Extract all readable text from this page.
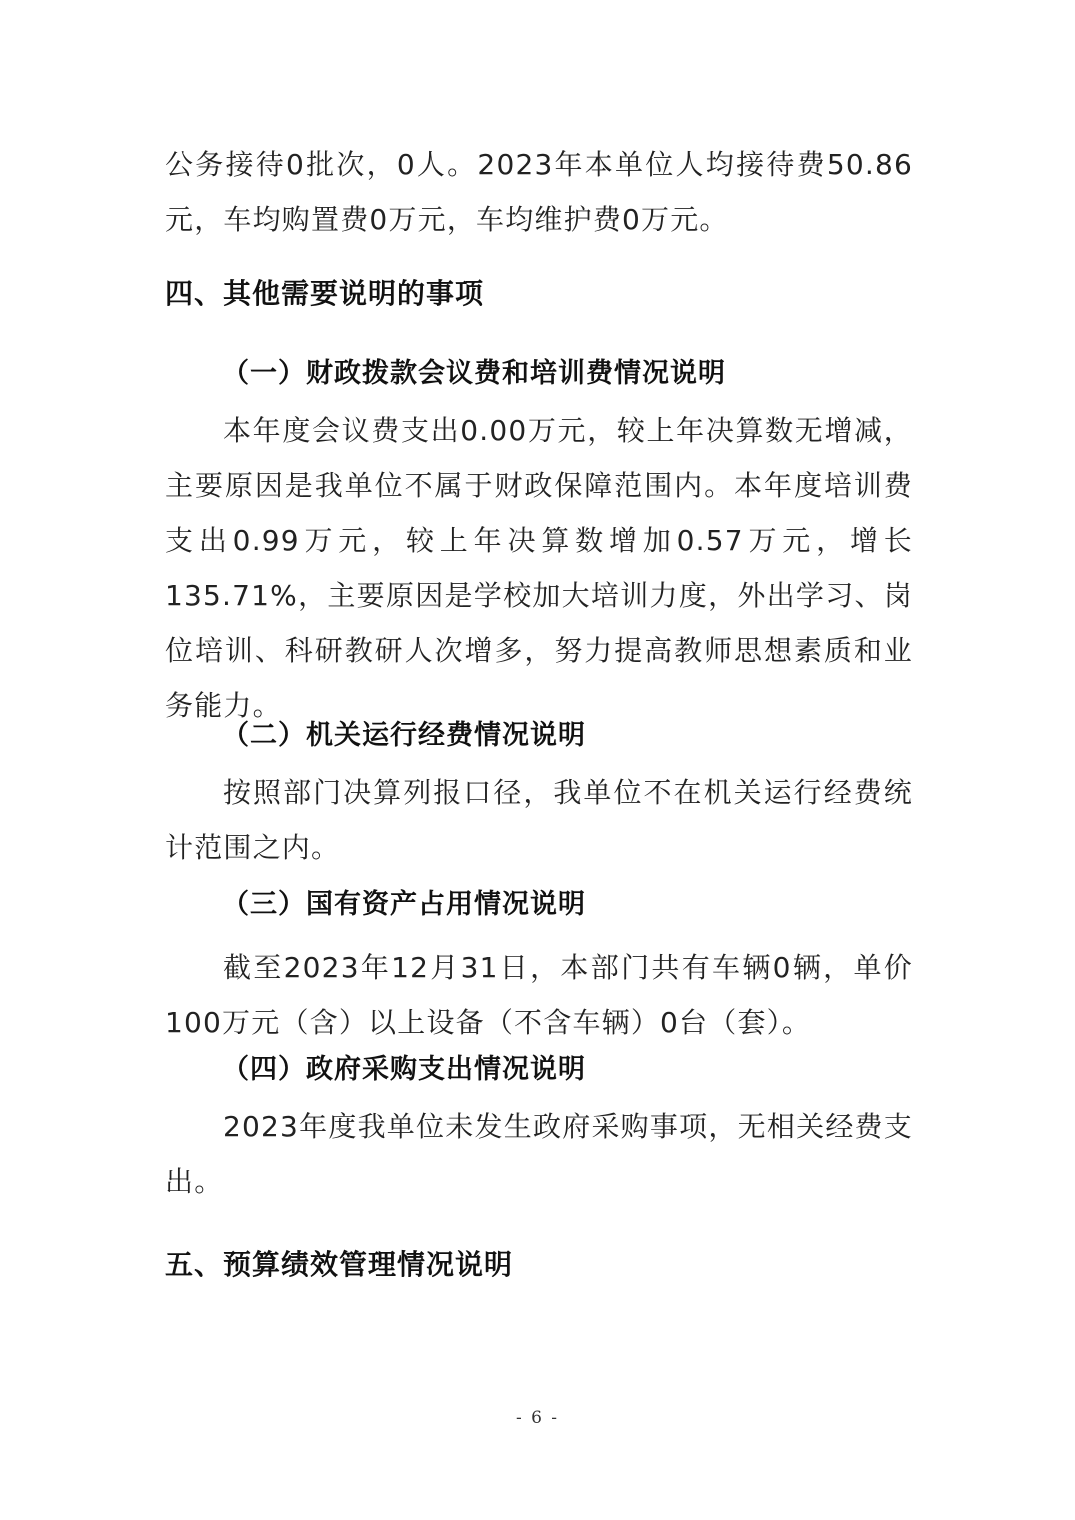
公务接待0批次，0人。2023年本单位人均接待费50.86元，车均购置费0万元，车均维护费0万元。
四、其他需要说明的事项
（一）财政拨款会议费和培训费情况说明
本年度会议费支出0.00万元，较上年决算数无增减，主要原因是我单位不属于财政保障范围内。本年度培训费支出0.99万元，较上年决算数增加0.57万元，增长135.71%，主要原因是学校加大培训力度，外出学习、岗位培训、科研教研人次增多，努力提高教师思想素质和业务能力。
（二）机关运行经费情况说明
按照部门决算列报口径，我单位不在机关运行经费统计范围之内。
（三）国有资产占用情况说明
截至2023年12月31日，本部门共有车辆0辆，单价100万元（含）以上设备（不含车辆）0台（套）。
（四）政府采购支出情况说明
2023年度我单位未发生政府采购事项，无相关经费支出。
五、预算绩效管理情况说明
- 6 -
